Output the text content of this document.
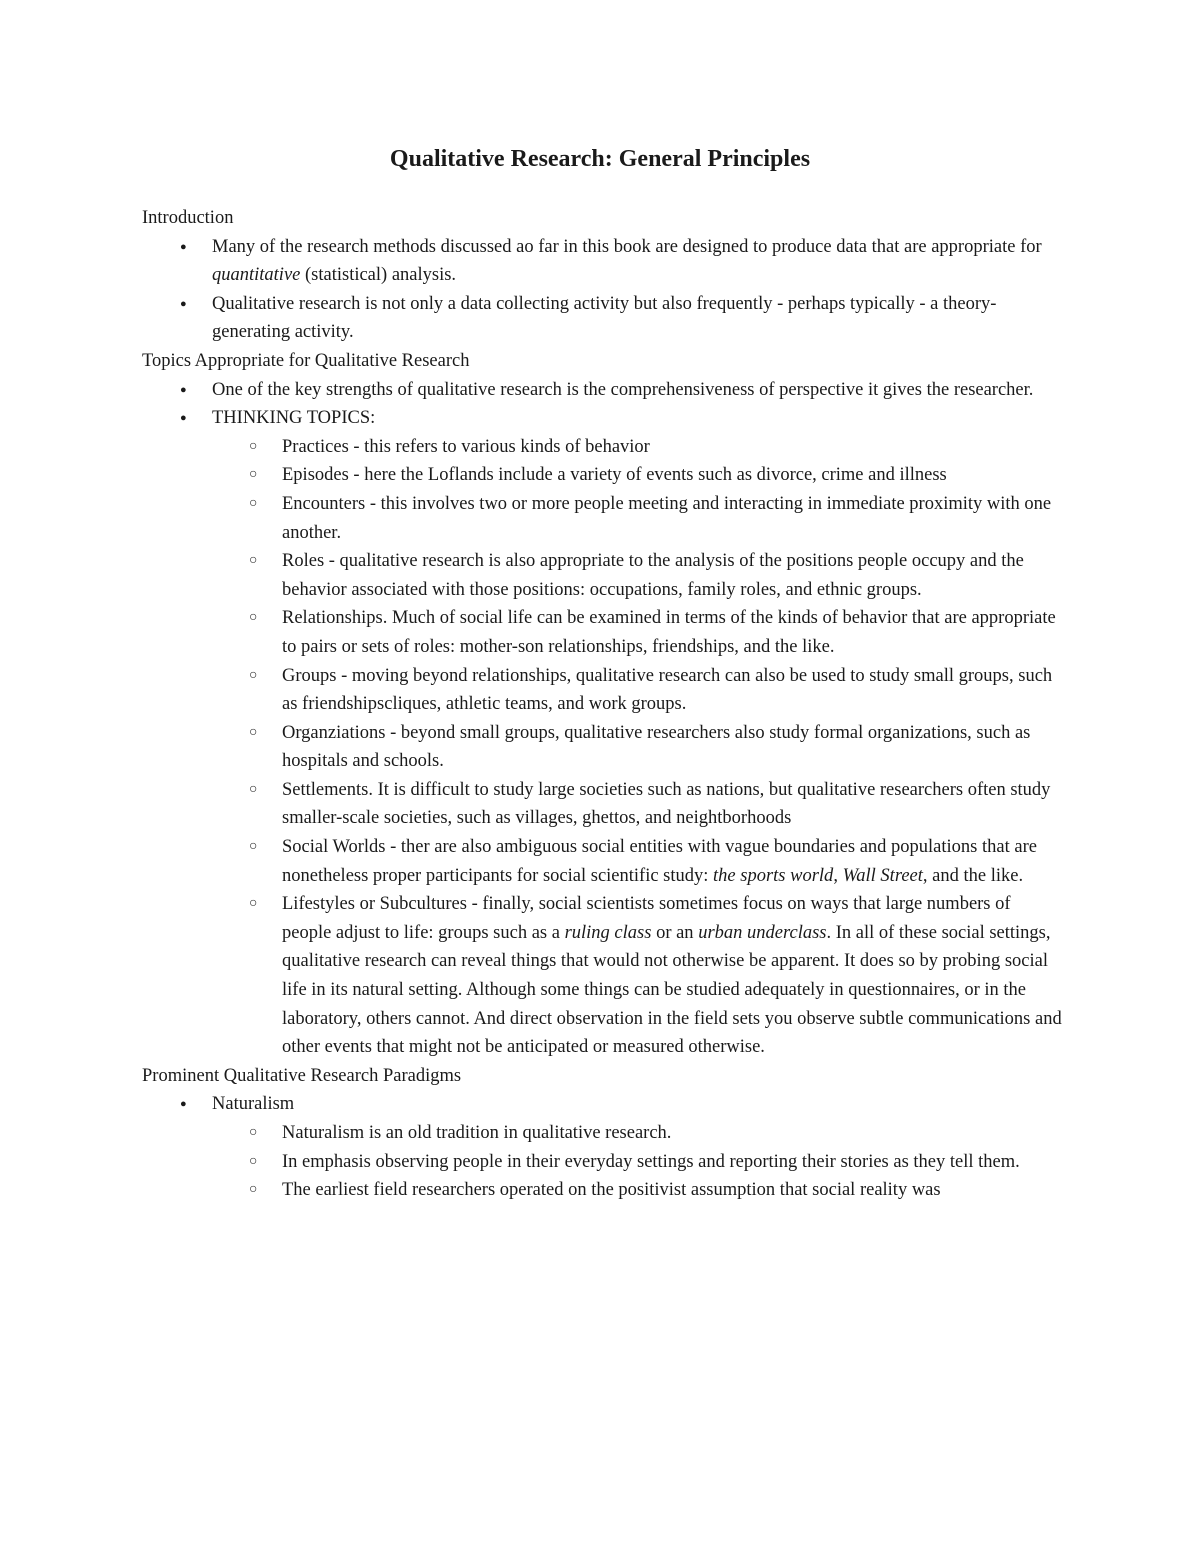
Qualitative Research: General Principles

Introduction

● Many of the research methods discussed ao far in this book are designed to produce data that are appropriate for quantitative (statistical) analysis.
● Qualitative research is not only a data collecting activity but also frequently - perhaps typically - a theory-generating activity.

Topics Appropriate for Qualitative Research

● One of the key strengths of qualitative research is the comprehensiveness of perspective it gives the researcher.
● THINKING TOPICS:
○ Practices - this refers to various kinds of behavior
○ Episodes - here the Loflands include a variety of events such as divorce, crime and illness
○ Encounters - this involves two or more people meeting and interacting in immediate proximity with one another.
○ Roles - qualitative research is also appropriate to the analysis of the positions people occupy and the behavior associated with those positions: occupations, family roles, and ethnic groups.
○ Relationships. Much of social life can be examined in terms of the kinds of behavior that are appropriate to pairs or sets of roles: mother-son relationships, friendships, and the like.
○ Groups - moving beyond relationships, qualitative research can also be used to study small groups, such as friendshipscliques, athletic teams, and work groups.
○ Organziations - beyond small groups, qualitative researchers also study formal organizations, such as hospitals and schools.
○ Settlements. It is difficult to study large societies such as nations, but qualitative researchers often study smaller-scale societies, such as villages, ghettos, and neightborhoods
○ Social Worlds - ther are also ambiguous social entities with vague boundaries and populations that are nonetheless proper participants for social scientific study: the sports world, Wall Street, and the like.
○ Lifestyles or Subcultures - finally, social scientists sometimes focus on ways that large numbers of people adjust to life: groups such as a ruling class or an urban underclass. In all of these social settings, qualitative research can reveal things that would not otherwise be apparent. It does so by probing social life in its natural setting. Although some things can be studied adequately in questionnaires, or in the laboratory, others cannot. And direct observation in the field sets you observe subtle communications and other events that might not be anticipated or measured otherwise.

Prominent Qualitative Research Paradigms

● Naturalism
○ Naturalism is an old tradition in qualitative research.
○ In emphasis observing people in their everyday settings and reporting their stories as they tell them.
○ The earliest field researchers operated on the positivist assumption that social reality was
